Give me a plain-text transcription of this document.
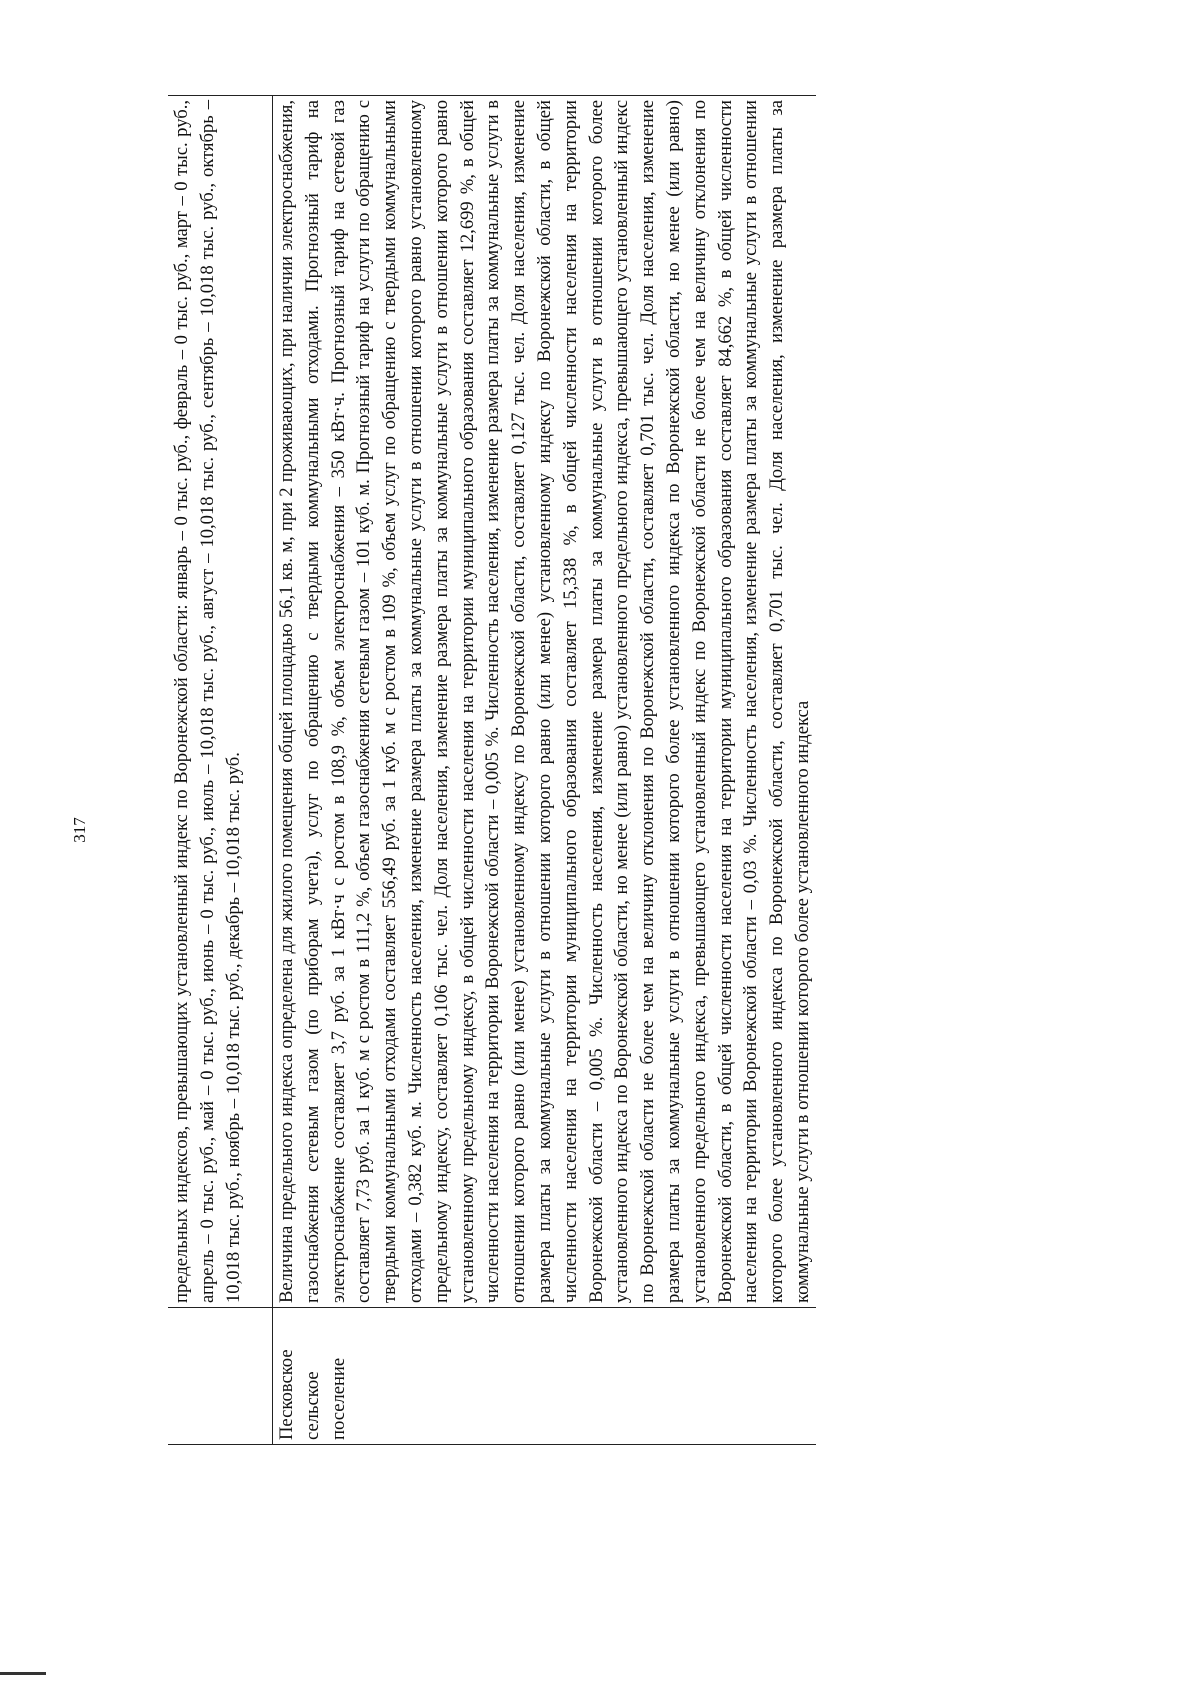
317
		предельных индексов, превышающих установленный индекс по Воронежской области: январь – 0 тыс. руб., февраль – 0 тыс. руб., март – 0 тыс. руб., апрель – 0 тыс. руб., май – 0 тыс. руб., июнь – 0 тыс. руб., июль – 10,018 тыс. руб., август – 10,018 тыс. руб., сентябрь – 10,018 тыс. руб., октябрь – 10,018 тыс. руб., ноябрь – 10,018 тыс. руб., декабрь – 10,018 тыс. руб.
Песковское сельское поселение	Величина предельного индекса определена для жилого помещения общей площадью 56,1 кв. м, при 2 проживающих, при наличии электроснабжения, газоснабжения сетевым газом (по приборам учета), услуг по обращению с твердыми коммунальными отходами. Прогнозный тариф на электроснабжение составляет 3,7 руб. за 1 кВт·ч с ростом в 108,9 %, объем электроснабжения – 350 кВт·ч. Прогнозный тариф на сетевой газ составляет 7,73 руб. за 1 куб. м с ростом в 111,2 %, объем газоснабжения сетевым газом – 101 куб. м. Прогнозный тариф на услуги по обращению с твердыми коммунальными отходами составляет 556,49 руб. за 1 куб. м с ростом в 109 %, объем услуг по обращению с твердыми коммунальными отходами – 0,382 куб. м. Численность населения, изменение размера платы за коммунальные услуги в отношении которого равно установленному предельному индексу, составляет 0,106 тыс. чел. Доля населения, изменение размера платы за коммунальные услуги в отношении которого равно установленному предельному индексу, в общей численности населения на территории муниципального образования составляет 12,699 %, в общей численности населения на территории Воронежской области – 0,005 %. Численность населения, изменение размера платы за коммунальные услуги в отношении которого равно (или менее) установленному индексу по Воронежской области, составляет 0,127 тыс. чел. Доля населения, изменение размера платы за коммунальные услуги в отношении которого равно (или менее) установленному индексу по Воронежской области, в общей численности населения на территории муниципального образования составляет 15,338 %, в общей численности населения на территории Воронежской области – 0,005 %. Численность населения, изменение размера платы за коммунальные услуги в отношении которого более установленного индекса по Воронежской области, но менее (или равно) установленного предельного индекса, превышающего установленный индекс по Воронежской области не более чем на величину отклонения по Воронежской области, составляет 0,701 тыс. чел. Доля населения, изменение размера платы за коммунальные услуги в отношении которого более установленного индекса по Воронежской области, но менее (или равно) установленного предельного индекса, превышающего установленный индекс по Воронежской области не более чем на величину отклонения по Воронежской области, в общей численности населения на территории муниципального образования составляет 84,662 %, в общей численности населения на территории Воронежской области – 0,03 %. Численность населения, изменение размера платы за коммунальные услуги в отношении которого более установленного индекса по Воронежской области, составляет 0,701 тыс. чел. Доля населения, изменение размера платы за коммунальные услуги в отношении которого более установленного индекса
